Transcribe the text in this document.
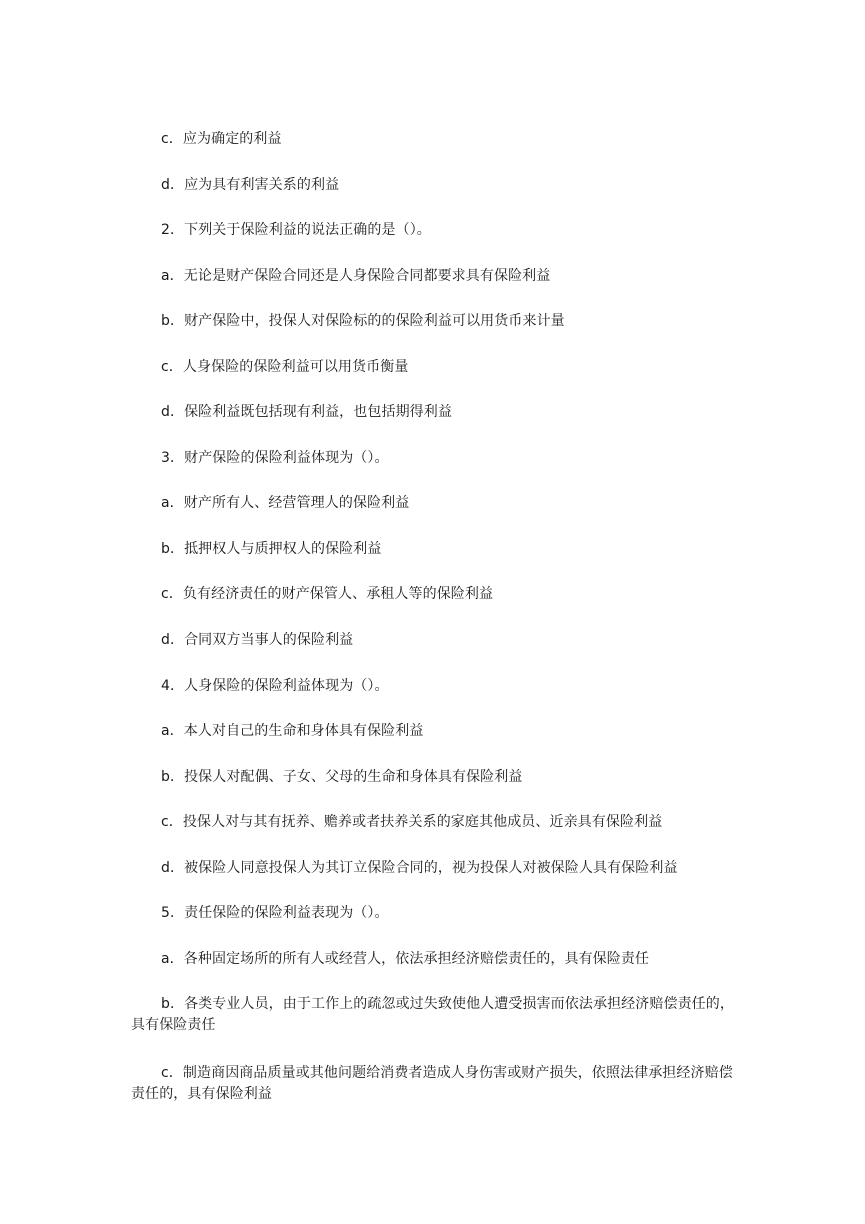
c．应为确定的利益

d．应为具有利害关系的利益

2．下列关于保险利益的说法正确的是（）。

a．无论是财产保险合同还是人身保险合同都要求具有保险利益

b．财产保险中，投保人对保险标的的保险利益可以用货币来计量

c．人身保险的保险利益可以用货币衡量

d．保险利益既包括现有利益，也包括期得利益

3．财产保险的保险利益体现为（）。

a．财产所有人、经营管理人的保险利益

b．抵押权人与质押权人的保险利益

c．负有经济责任的财产保管人、承租人等的保险利益

d．合同双方当事人的保险利益

4．人身保险的保险利益体现为（）。

a．本人对自己的生命和身体具有保险利益

b．投保人对配偶、子女、父母的生命和身体具有保险利益

c．投保人对与其有抚养、赡养或者扶养关系的家庭其他成员、近亲具有保险利益

d．被保险人同意投保人为其订立保险合同的，视为投保人对被保险人具有保险利益

5．责任保险的保险利益表现为（）。

a．各种固定场所的所有人或经营人，依法承担经济赔偿责任的，具有保险责任

b．各类专业人员，由于工作上的疏忽或过失致使他人遭受损害而依法承担经济赔偿责任的，具有保险责任

c．制造商因商品质量或其他问题给消费者造成人身伤害或财产损失，依照法律承担经济赔偿责任的，具有保险利益
